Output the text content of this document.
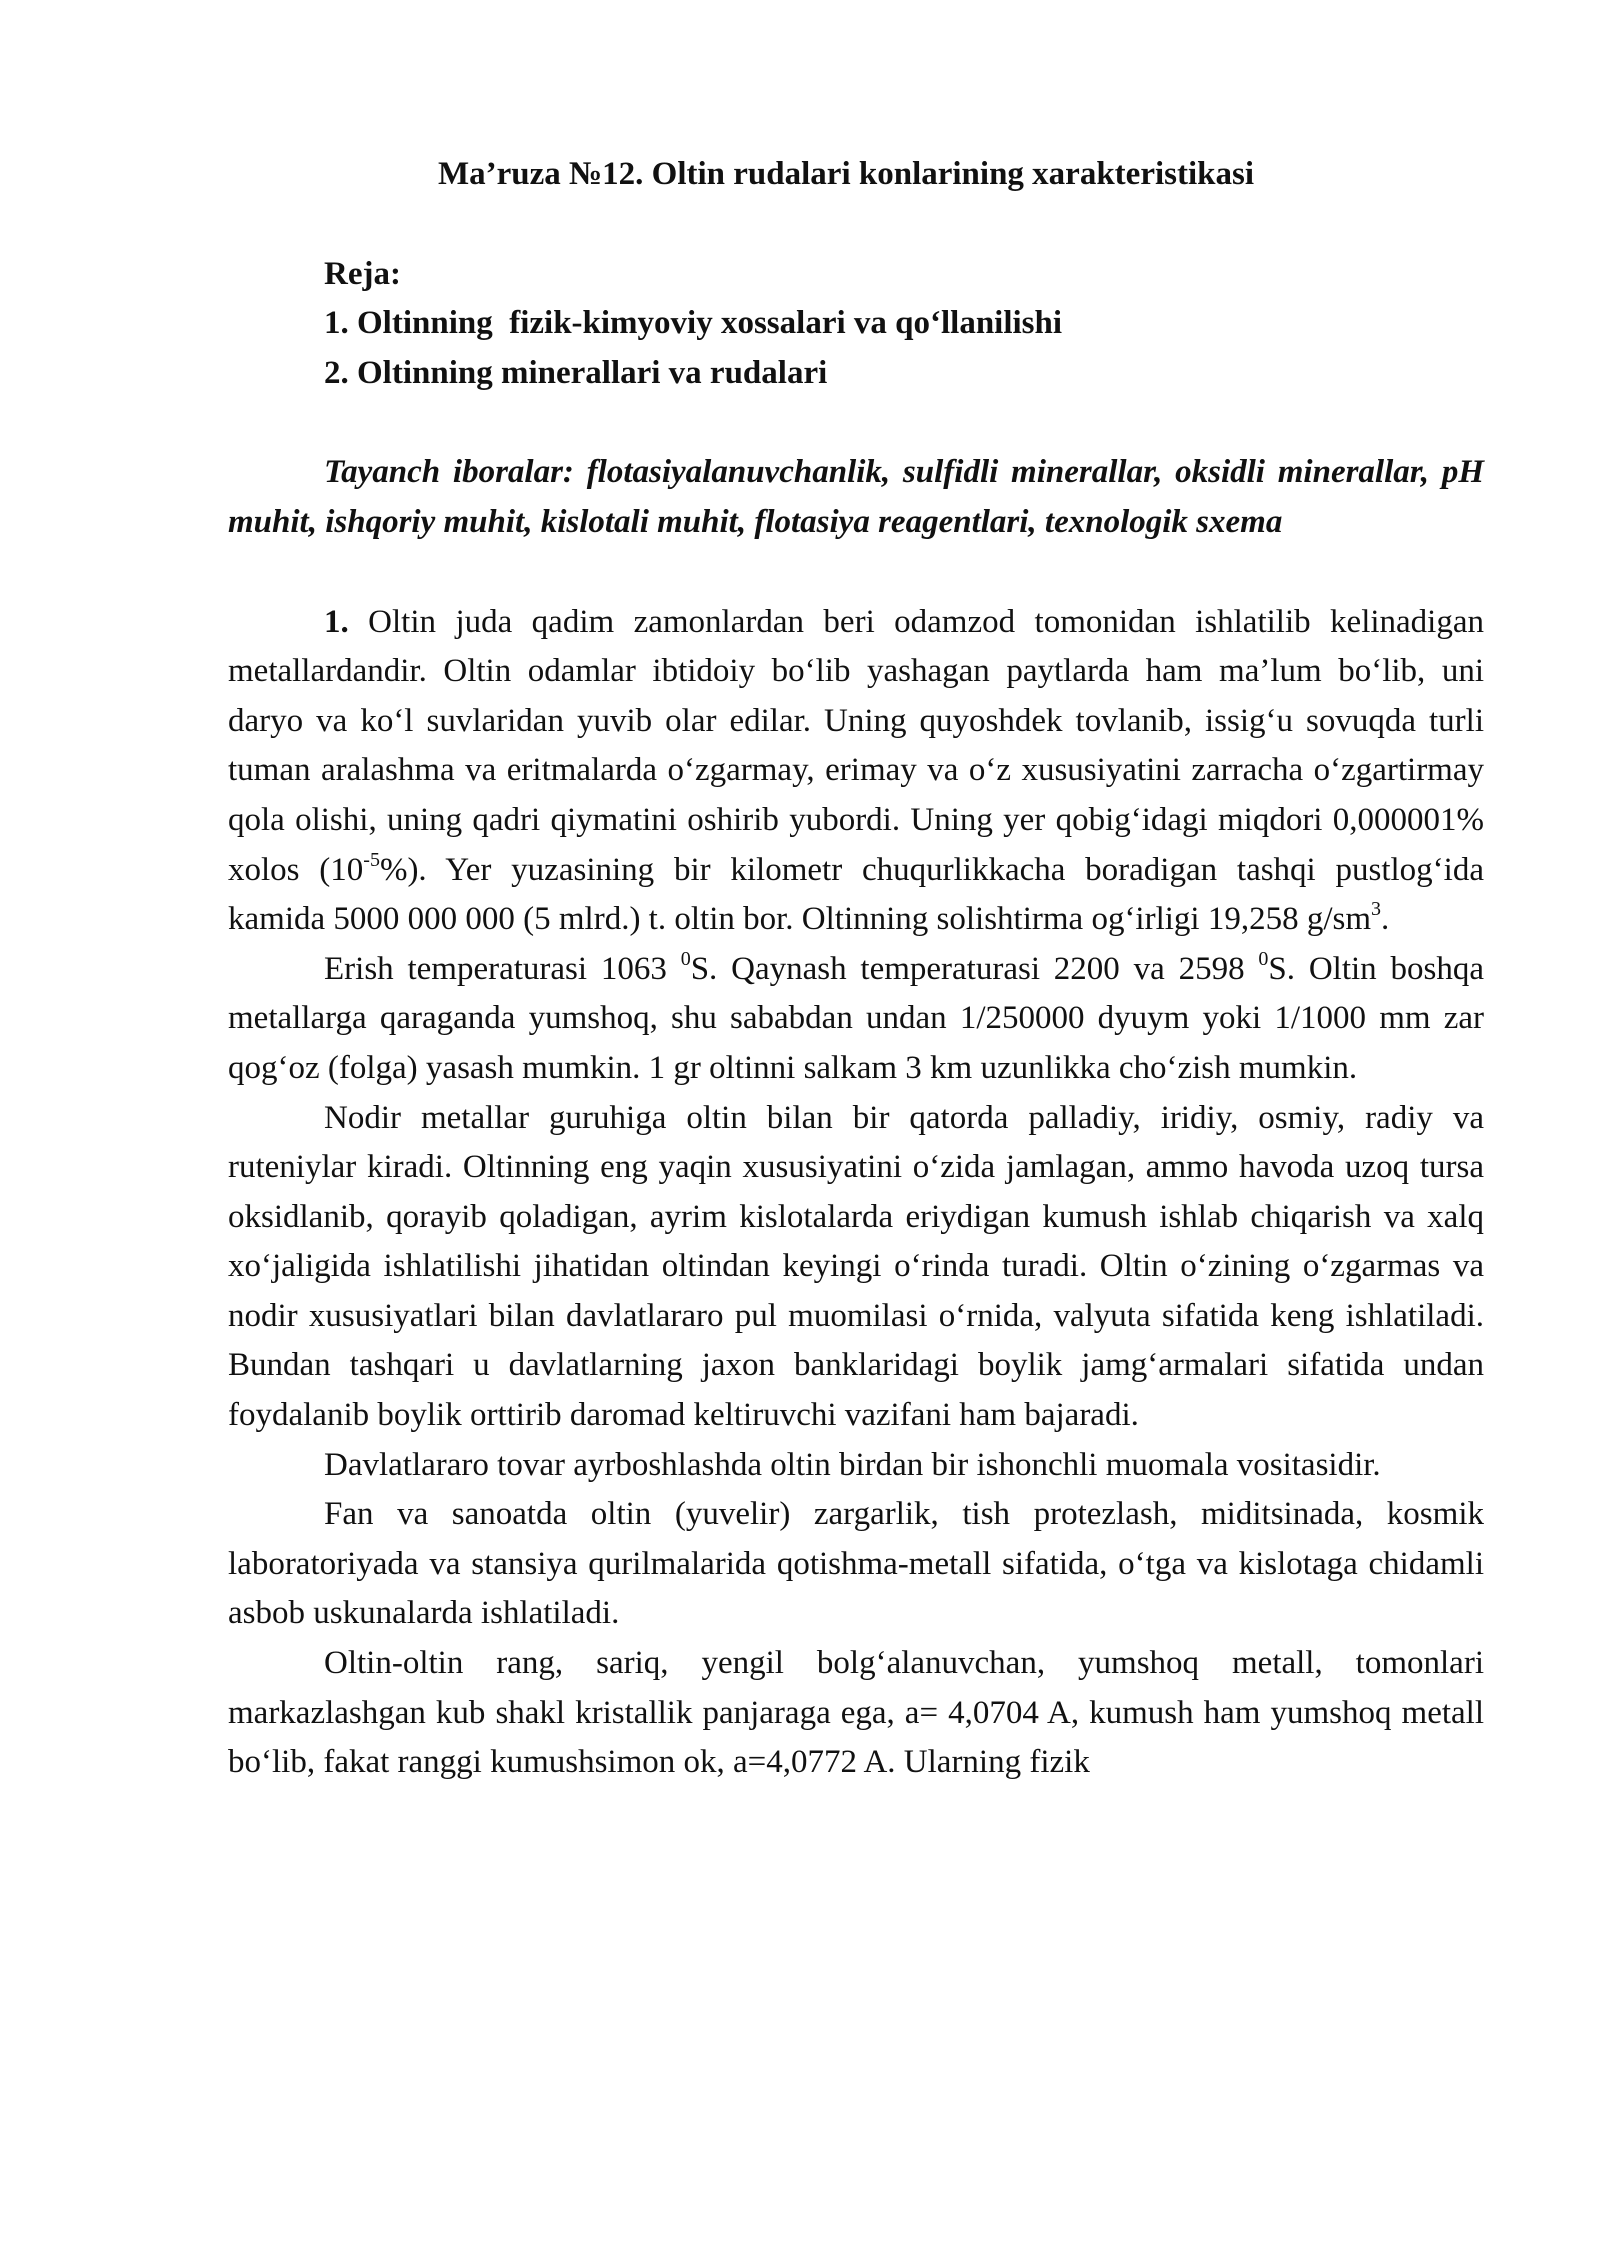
Ma’ruza №12. Oltin rudalari konlarining xarakteristikasi
Reja:
1. Oltinning  fizik-kimyoviy xossalari va qo‘llanilishi
2. Oltinning minerallari va rudalari

Tayanch iboralar: flotasiyalanuvchanlik, sulfidli minerallar, oksidli minerallar, pH muhit, ishqoriy muhit, kislotali muhit, flotasiya reagentlari, texnologik sxema

1. Oltin juda qadim zamonlardan beri odamzod tomonidan ishlatilib kelinadigan metallardandir. Oltin odamlar ibtidoiy bo‘lib yashagan paytlarda ham ma’lum bo‘lib, uni daryo va ko‘l suvlaridan yuvib olar edilar. Uning quyoshdek tovlanib, issig‘u sovuqda turli tuman aralashma va eritmalarda o‘zgarmay, erimay va o‘z xususiyatini zarracha o‘zgartirmay qola olishi, uning qadri qiymatini oshirib yubordi. Uning yer qobig‘idagi miqdori 0,000001% xolos $(10^{-5}\%)$. Yer yuzasining bir kilometr chuqurlikkacha boradigan tashqi pustlog‘ida kamida 5000 000 000 (5 mlrd.) t. oltin bor. Oltinning solishtirma og‘irligi 19,258 $g/sm^3$.

Erish temperaturasi 1063 $^0$S. Qaynash temperaturasi 2200 va 2598 $^0$S. Oltin boshqa metallarga qaraganda yumshoq, shu sababdan undan 1/250000 dyuym yoki 1/1000 mm zar qog‘oz (folga) yasash mumkin. 1 gr oltinni salkam 3 km uzunlikka cho‘zish mumkin.

Nodir metallar guruhiga oltin bilan bir qatorda palladiy, iridiy, osmiy, radiy va ruteniylar kiradi. Oltinning eng yaqin xususiyatini o‘zida jamlagan, ammo havoda uzoq tursa oksidlanib, qorayib qoladigan, ayrim kislotalarda eriydigan kumush ishlab chiqarish va xalq xo‘jaligida ishlatilishi jihatidan oltindan keyingi o‘rinda turadi. Oltin o‘zining o‘zgarmas va nodir xususiyatlari bilan davlatlararo pul muomilasi o‘rnida, valyuta sifatida keng ishlatiladi. Bundan tashqari u davlatlarning jaxon banklaridagi boylik jamg‘armalari sifatida undan foydalanib boylik orttirib daromad keltiruvchi vazifani ham bajaradi.

Davlatlararo tovar ayrboshlashda oltin birdan bir ishonchli muomala vositasidir.

Fan va sanoatda oltin (yuvelir) zargarlik, tish protezlash, miditsinada, kosmik laboratoriyada va stansiya qurilmalarida qotishma-metall sifatida, o‘tga va kislotaga chidamli asbob uskunalarda ishlatiladi.

Oltin-oltin rang, sariq, yengil bolg‘alanuvchan, yumshoq metall, tomonlari markazlashgan kub shakl kristallik panjaraga ega, a= 4,0704 A, kumush ham yumshoq metall bo‘lib, fakat ranggi kumushsimon ok, a=4,0772 A. Ularning fizik
